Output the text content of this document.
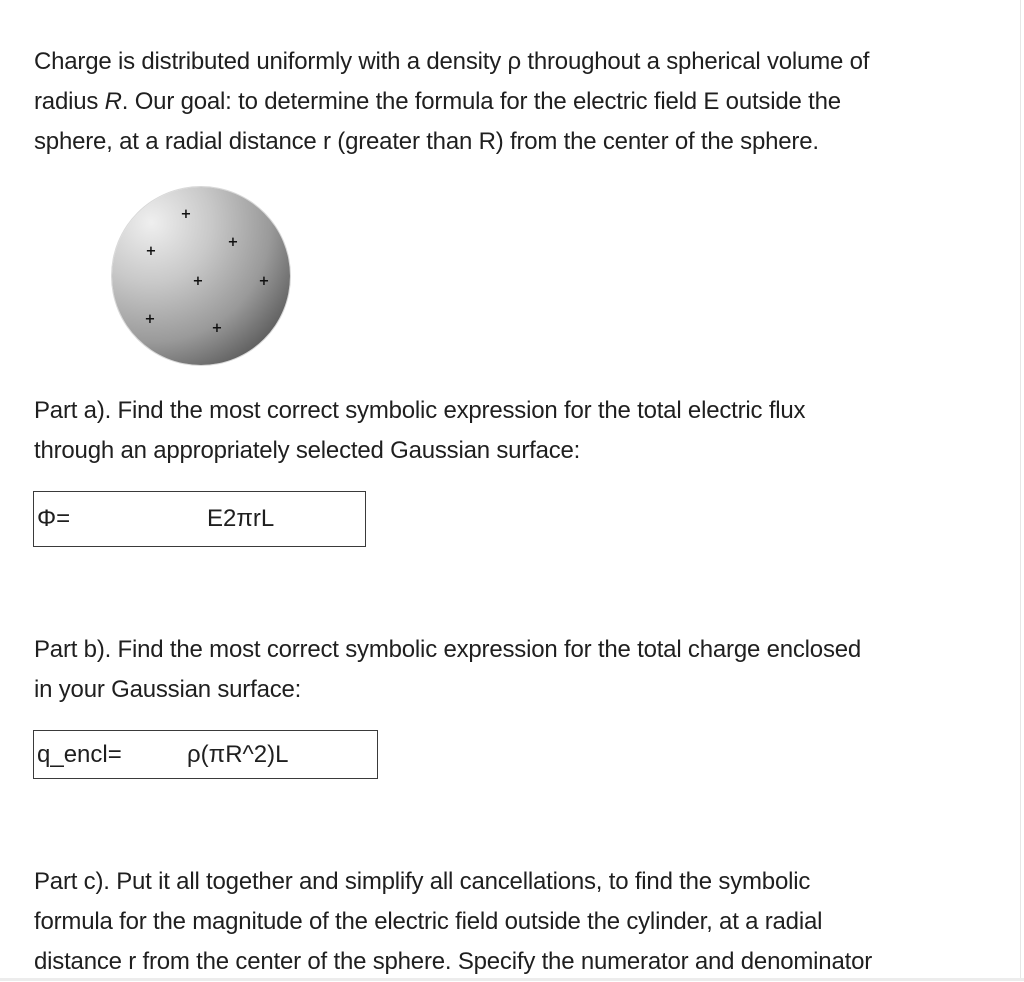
Charge is distributed uniformly with a density ρ throughout a spherical volume of
radius R. Our goal: to determine the formula for the electric field E outside the
sphere, at a radial distance r (greater than R) from the center of the sphere.
+
+
+
+	+
+
+
Part a). Find the most correct symbolic expression for the total electric flux
through an appropriately selected Gaussian surface:
Φ=	E2πrL
Part b). Find the most correct symbolic expression for the total charge enclosed
in your Gaussian surface:
q_encl=	ρ(πR^2)L
Part c). Put it all together and simplify all cancellations, to find the symbolic
formula for the magnitude of the electric field outside the cylinder, at a radial
distance r from the center of the sphere. Specify the numerator and denominator
